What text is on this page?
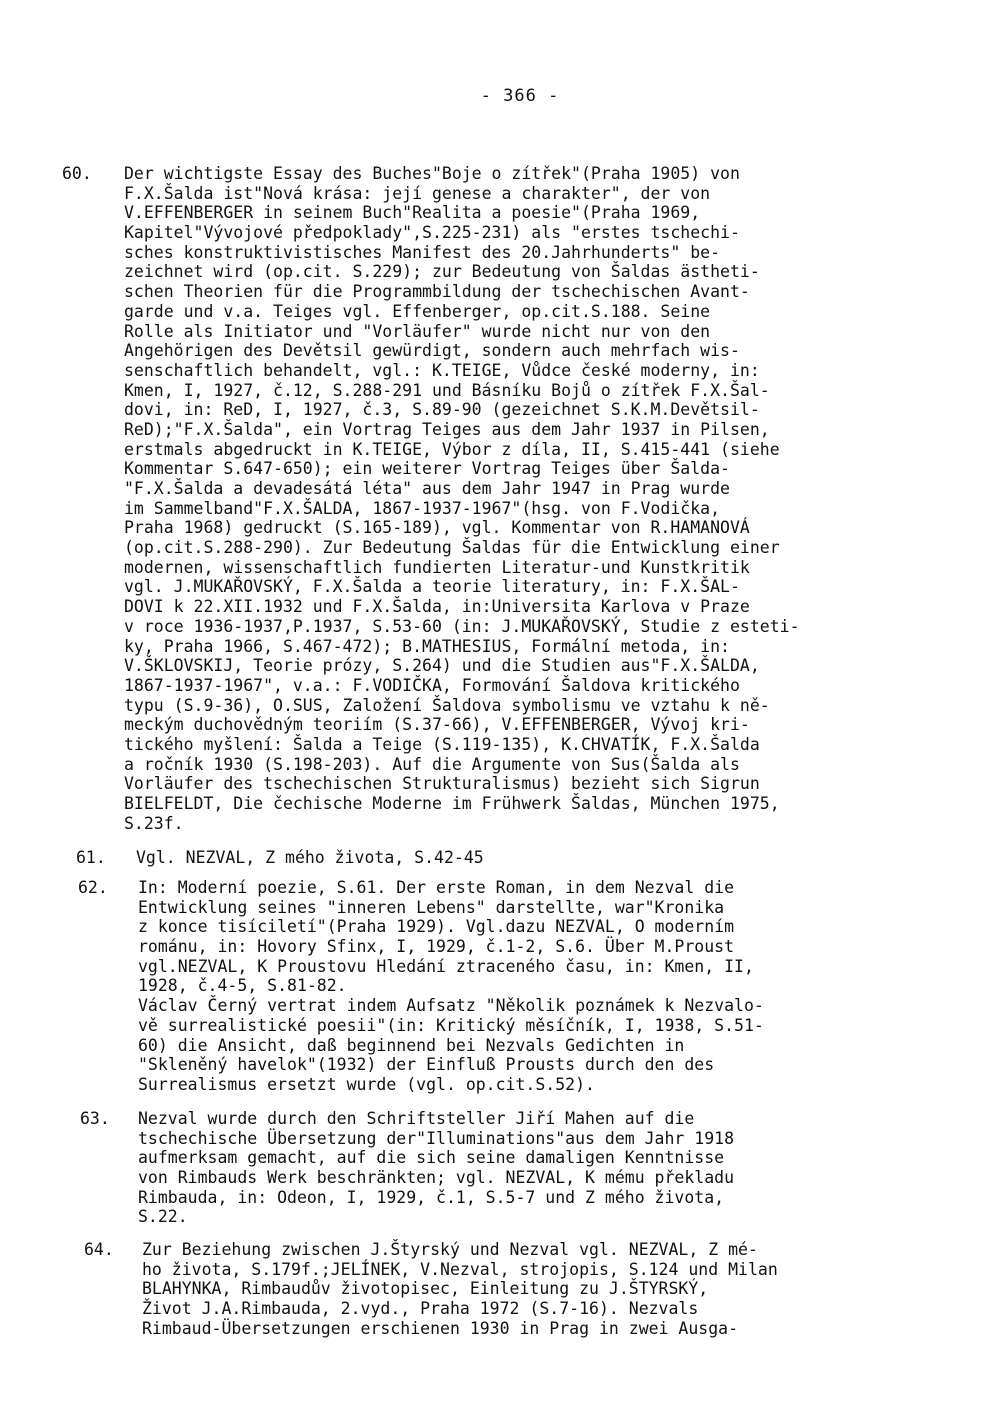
- 366 -

60.

Der wichtigste Essay des Buches"Boje o zítřek"(Praha 1905) von
F.X.Šalda ist"Nová krása: její genese a charakter", der von
V.EFFENBERGER in seinem Buch"Realita a poesie"(Praha 1969,
Kapitel"Vývojové předpoklady",S.225-231) als "erstes tschechi-
sches konstruktivistisches Manifest des 20.Jahrhunderts" be-
zeichnet wird (op.cit. S.229); zur Bedeutung von Šaldas ästheti-
schen Theorien für die Programmbildung der tschechischen Avant-
garde und v.a. Teiges vgl. Effenberger, op.cit.S.188. Seine
Rolle als Initiator und "Vorläufer" wurde nicht nur von den
Angehörigen des Devětsil gewürdigt, sondern auch mehrfach wis-
senschaftlich behandelt, vgl.: K.TEIGE, Vůdce české moderny, in:
Kmen, I, 1927, č.12, S.288-291 und Básníku Bojů o zítřek F.X.Šal-
dovi, in: ReD, I, 1927, č.3, S.89-90 (gezeichnet S.K.M.Devětsil-
ReD);"F.X.Šalda", ein Vortrag Teiges aus dem Jahr 1937 in Pilsen,
erstmals abgedruckt in K.TEIGE, Výbor z díla, II, S.415-441 (siehe
Kommentar S.647-650); ein weiterer Vortrag Teiges über Šalda-
"F.X.Šalda a devadesátá léta" aus dem Jahr 1947 in Prag wurde
im Sammelband"F.X.ŠALDA, 1867-1937-1967"(hsg. von F.Vodička,
Praha 1968) gedruckt (S.165-189), vgl. Kommentar von R.HAMANOVÁ
(op.cit.S.288-290). Zur Bedeutung Šaldas für die Entwicklung einer
modernen, wissenschaftlich fundierten Literatur-und Kunstkritik
vgl. J.MUKAŘOVSKÝ, F.X.Šalda a teorie literatury, in: F.X.ŠAL-
DOVI k 22.XII.1932 und F.X.Šalda, in:Universita Karlova v Praze
v roce 1936-1937,P.1937, S.53-60 (in: J.MUKAŘOVSKÝ, Studie z esteti-
ky, Praha 1966, S.467-472); B.MATHESIUS, Formální metoda, in:
V.ŠKLOVSKIJ, Teorie prózy, S.264) und die Studien aus"F.X.ŠALDA,
1867-1937-1967", v.a.: F.VODIČKA, Formování Šaldova kritického
typu (S.9-36), O.SUS, Založení Šaldova symbolismu ve vztahu k ně-
meckým duchovědným teoriím (S.37-66), V.EFFENBERGER, Vývoj kri-
tického myšlení: Šalda a Teige (S.119-135), K.CHVATÍK, F.X.Šalda
a ročník 1930 (S.198-203). Auf die Argumente von Sus(Šalda als
Vorläufer des tschechischen Strukturalismus) bezieht sich Sigrun
BIELFELDT, Die čechische Moderne im Frühwerk Šaldas, München 1975,
S.23f.

61.

Vgl. NEZVAL, Z mého života, S.42-45

62.

In: Moderní poezie, S.61. Der erste Roman, in dem Nezval die
Entwicklung seines "inneren Lebens" darstellte, war"Kronika
z konce tisíciletí"(Praha 1929). Vgl.dazu NEZVAL, O moderním
románu, in: Hovory Sfinx, I, 1929, č.1-2, S.6. Über M.Proust
vgl.NEZVAL, K Proustovu Hledání ztraceného času, in: Kmen, II,
1928, č.4-5, S.81-82.
Václav Černý vertrat indem Aufsatz "Několik poznámek k Nezvalo-
vě surrealistické poesii"(in: Kritický měsíčník, I, 1938, S.51-
60) die Ansicht, daß beginnend bei Nezvals Gedichten in
"Skleněný havelok"(1932) der Einfluß Prousts durch den des
Surrealismus ersetzt wurde (vgl. op.cit.S.52).

63.

Nezval wurde durch den Schriftsteller Jiří Mahen auf die
tschechische Übersetzung der"Illuminations"aus dem Jahr 1918
aufmerksam gemacht, auf die sich seine damaligen Kenntnisse
von Rimbauds Werk beschränkten; vgl. NEZVAL, K mému překladu
Rimbauda, in: Odeon, I, 1929, č.1, S.5-7 und Z mého života,
S.22.

64.

Zur Beziehung zwischen J.Štyrský und Nezval vgl. NEZVAL, Z mé-
ho života, S.179f.;JELÍNEK, V.Nezval, strojopis, S.124 und Milan
BLAHYNKA, Rimbaudův životopisec, Einleitung zu J.ŠTYRSKÝ,
Život J.A.Rimbauda, 2.vyd., Praha 1972 (S.7-16). Nezvals
Rimbaud-Übersetzungen erschienen 1930 in Prag in zwei Ausga-
